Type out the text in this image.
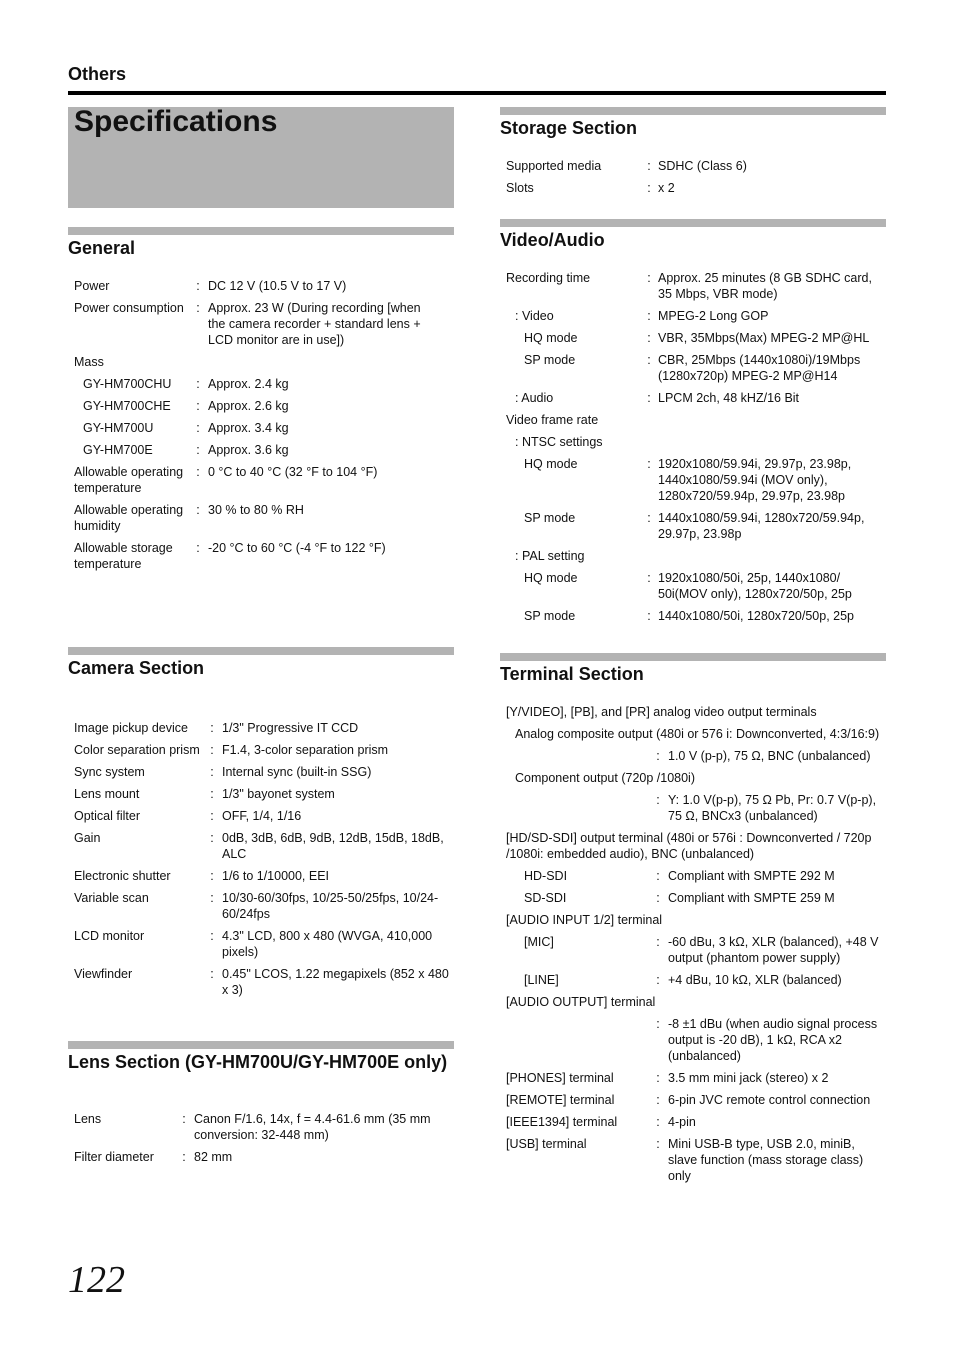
Others
Specifications
General
Power	: DC 12 V (10.5 V to 17 V)
Power consumption : Approx. 23 W (During recording [when the camera recorder + standard lens + LCD monitor are in use])
Mass
GY-HM700CHU	: Approx. 2.4 kg
GY-HM700CHE	: Approx. 2.6 kg
GY-HM700U	: Approx. 3.4 kg
GY-HM700E	: Approx. 3.6 kg
Allowable operating temperature
: 0 °C to 40 °C (32 °F to 104 °F)
Allowable operating humidity
: 30 % to 80 % RH
Allowable storage temperature
: -20 °C to 60 °C (-4 °F to 122 °F)
Camera Section
Image pickup device	: 1/3" Progressive IT CCD
Color separation prism : F1.4, 3-color separation prism
Sync system	: Internal sync (built-in SSG)
Lens mount	: 1/3" bayonet system
Optical filter	: OFF, 1/4, 1/16
Gain	: 0dB, 3dB, 6dB, 9dB, 12dB, 15dB, 18dB, ALC
Electronic shutter	: 1/6 to 1/10000, EEI
Variable scan	: 10/30-60/30fps, 10/25-50/25fps, 10/24-60/24fps
LCD monitor	: 4.3" LCD, 800 x 480 (WVGA, 410,000 pixels)
Viewfinder	: 0.45" LCOS, 1.22 megapixels (852 x 480 x 3)
Lens Section (GY-HM700U/GY-HM700E only)
Lens	: Canon F/1.6, 14x, f = 4.4-61.6 mm (35 mm conversion: 32-448 mm)
Filter diameter	: 82 mm
Storage Section
Supported media	: SDHC (Class 6)
Slots	: x 2
Video/Audio
Recording time	: Approx. 25 minutes (8 GB SDHC card, 35 Mbps, VBR mode)
: Video	: MPEG-2 Long GOP
HQ mode	: VBR, 35Mbps(Max) MPEG-2 MP@HL
SP mode	: CBR, 25Mbps (1440x1080i)/19Mbps (1280x720p) MPEG-2 MP@H14
: Audio	: LPCM 2ch, 48 kHZ/16 Bit
Video frame rate
: NTSC settings
HQ mode	: 1920x1080/59.94i, 29.97p, 23.98p, 1440x1080/59.94i (MOV only), 1280x720/59.94p, 29.97p, 23.98p
SP mode	: 1440x1080/59.94i, 1280x720/59.94p, 29.97p, 23.98p
: PAL setting
HQ mode	: 1920x1080/50i, 25p, 1440x1080/ 50i(MOV only), 1280x720/50p, 25p
SP mode	: 1440x1080/50i, 1280x720/50p, 25p
Terminal Section
[Y/VIDEO], [PB], and [PR] analog video output terminals
Analog composite output (480i or 576 i: Downconverted, 4:3/16:9)
: 1.0 V (p-p), 75 Ω, BNC (unbalanced)
Component output (720p /1080i)
: Y: 1.0 V(p-p), 75 Ω Pb, Pr: 0.7 V(p-p), 75 Ω, BNCx3 (unbalanced)
[HD/SD-SDI] output terminal (480i or 576i : Downconverted / 720p /1080i: embedded audio), BNC (unbalanced)
HD-SDI	: Compliant with SMPTE 292 M
SD-SDI	: Compliant with SMPTE 259 M
[AUDIO INPUT 1/2] terminal
[MIC]	: -60 dBu, 3 kΩ, XLR (balanced), +48 V output (phantom power supply)
[LINE]	: +4 dBu, 10 kΩ, XLR (balanced)
[AUDIO OUTPUT] terminal
: -8 ±1 dBu (when audio signal process output is -20 dB), 1 kΩ, RCA x2 (unbalanced)
[PHONES] terminal	: 3.5 mm mini jack (stereo) x 2
[REMOTE] terminal	: 6-pin JVC remote control connection
[IEEE1394] terminal	: 4-pin
[USB] terminal	: Mini USB-B type, USB 2.0, miniB, slave function (mass storage class) only
122
